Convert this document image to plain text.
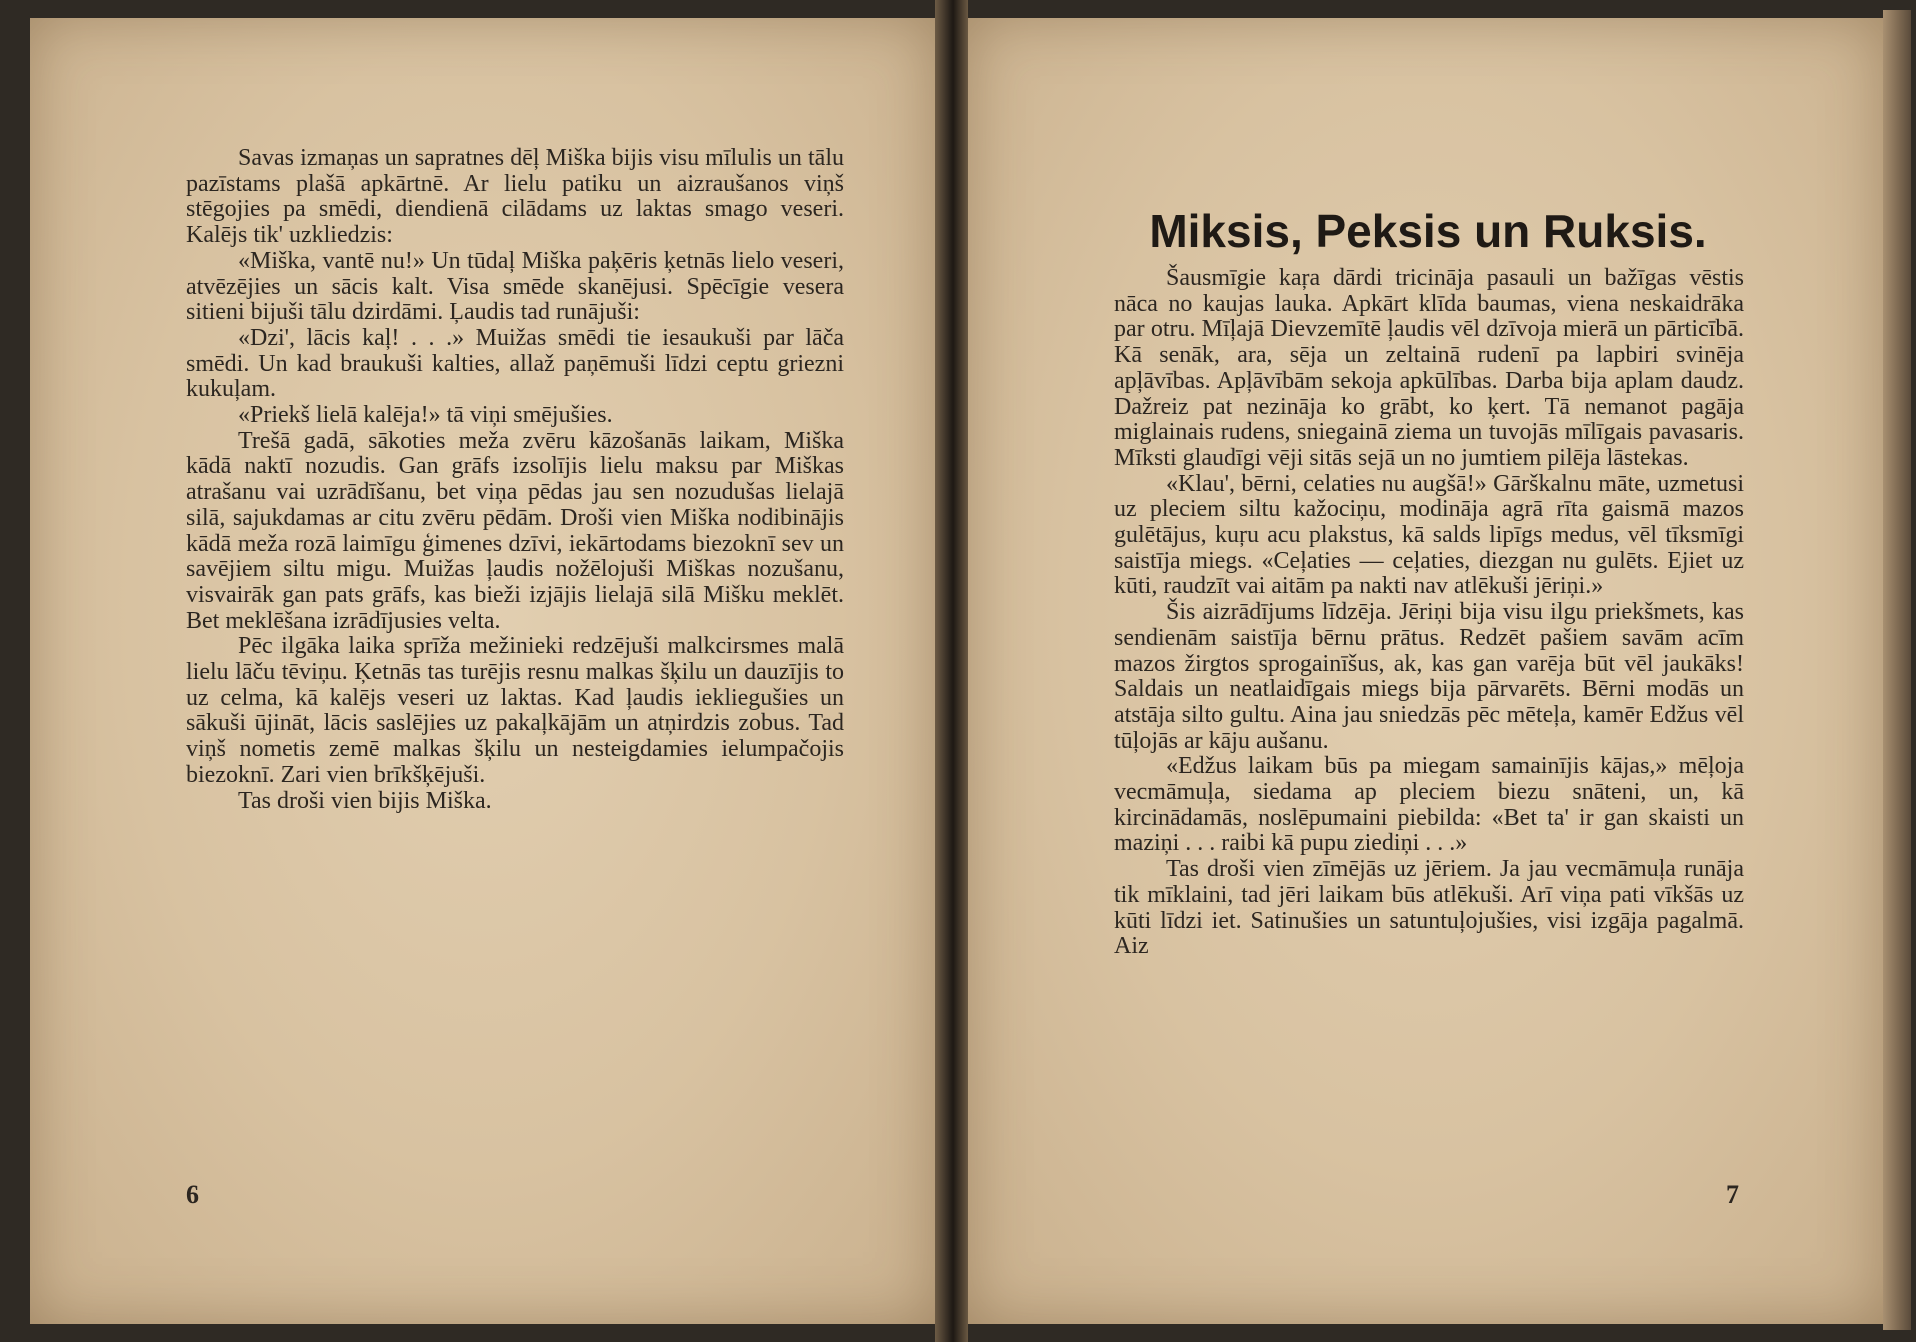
Savas izmaņas un sapratnes dēļ Miška bijis visu mīlulis un tālu pazīstams plašā apkārtnē. Ar lielu patiku un aizraušanos viņš stēgojies pa smēdi, diendienā cilādams uz laktas smago veseri. Kalējs tik' uzkliedzis:

«Miška, vantē nu!» Un tūdaļ Miška paķēris ķetnās lielo veseri, atvēzējies un sācis kalt. Visa smēde skanējusi. Spēcīgie vesera sitieni bijuši tālu dzirdāmi. Ļaudis tad runājuši:

«Dzi', lācis kaļ! . . .» Muižas smēdi tie iesaukuši par lāča smēdi. Un kad braukuši kalties, allaž paņēmuši līdzi ceptu griezni kukuļam.

«Priekš lielā kalēja!» tā viņi smējušies.

Trešā gadā, sākoties meža zvēru kāzošanās laikam, Miška kādā naktī nozudis. Gan grāfs izsolījis lielu maksu par Miškas atrašanu vai uzrādīšanu, bet viņa pēdas jau sen nozudušas lielajā silā, sajukdamas ar citu zvēru pēdām. Droši vien Miška nodibinājis kādā meža rozā laimīgu ģimenes dzīvi, iekārtodams biezoknī sev un savējiem siltu migu. Muižas ļaudis nožēlojuši Miškas nozušanu, visvairāk gan pats grāfs, kas bieži izjājis lielajā silā Mišku meklēt. Bet meklēšana izrādījusies velta.

Pēc ilgāka laika sprīža mežinieki redzējuši malkcirsmes malā lielu lāču tēviņu. Ķetnās tas turējis resnu malkas šķilu un dauzījis to uz celma, kā kalējs veseri uz laktas. Kad ļaudis iekliegušies un sākuši ūjināt, lācis saslējies uz pakaļkājām un atņirdzis zobus. Tad viņš nometis zemē malkas šķilu un nesteigdamies ielumpačojis biezoknī. Zari vien brīkšķējuši.

Tas droši vien bijis Miška.

6
Miksis, Peksis un Ruksis.

Šausmīgie kaŗa dārdi tricināja pasauli un bažīgas vēstis nāca no kaujas lauka. Apkārt klīda baumas, viena neskaidrāka par otru. Mīļajā Dievzemītē ļaudis vēl dzīvoja mierā un pārticībā. Kā senāk, ara, sēja un zeltainā rudenī pa lapbiri svinēja apļāvības. Apļāvībām sekoja apkūlības. Darba bija aplam daudz. Dažreiz pat nezināja ko grābt, ko ķert. Tā nemanot pagāja miglainais rudens, sniegainā ziema un tuvojās mīlīgais pavasaris. Mīksti glaudīgi vēji sitās sejā un no jumtiem pilēja lāstekas.

«Klau', bērni, celaties nu augšā!» Gārškalnu māte, uzmetusi uz pleciem siltu kažociņu, modināja agrā rīta gaismā mazos gulētājus, kuŗu acu plakstus, kā salds lipīgs medus, vēl tīksmīgi saistīja miegs. «Ceļaties — ceļaties, diezgan nu gulēts. Ejiet uz kūti, raudzīt vai aitām pa nakti nav atlēkuši jēriņi.»

Šis aizrādījums līdzēja. Jēriņi bija visu ilgu priekšmets, kas sendienām saistīja bērnu prātus. Redzēt pašiem savām acīm mazos žirgtos sprogainīšus, ak, kas gan varēja būt vēl jaukāks! Saldais un neatlaidīgais miegs bija pārvarēts. Bērni modās un atstāja silto gultu. Aina jau sniedzās pēc mēteļa, kamēr Edžus vēl tūļojās ar kāju aušanu.

«Edžus laikam būs pa miegam samainījis kājas,» mēļoja vecmāmuļa, siedama ap pleciem biezu snāteni, un, kā kircinādamās, noslēpumaini piebilda: «Bet ta' ir gan skaisti un maziņi . . . raibi kā pupu ziediņi . . .»

Tas droši vien zīmējās uz jēriem. Ja jau vecmāmuļa runāja tik mīklaini, tad jēri laikam būs atlēkuši. Arī viņa pati vīkšās uz kūti līdzi iet. Satinušies un satuntuļojušies, visi izgāja pagalmā. Aiz

7
